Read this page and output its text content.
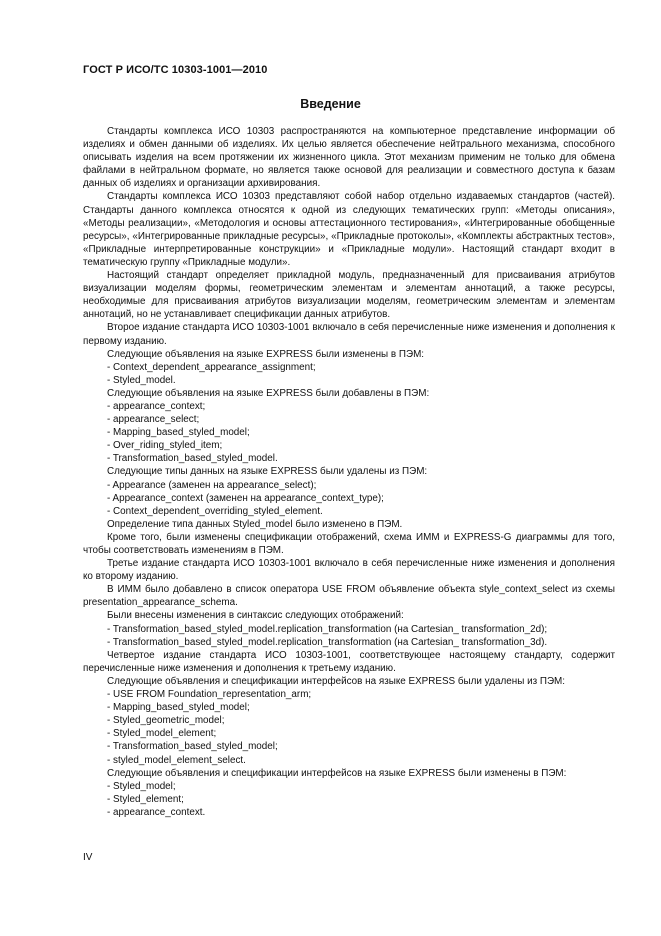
ГОСТ Р ИСО/ТС 10303-1001—2010
Введение

Стандарты комплекса ИСО 10303 распространяются на компьютерное представление информации об изделиях и обмен данными об изделиях. Их целью является обеспечение нейтрального механизма, способного описывать изделия на всем протяжении их жизненного цикла. Этот механизм применим не только для обмена файлами в нейтральном формате, но является также основой для реализации и совместного доступа к базам данных об изделиях и организации архивирования.

Стандарты комплекса ИСО 10303 представляют собой набор отдельно издаваемых стандартов (частей). Стандарты данного комплекса относятся к одной из следующих тематических групп: «Методы описания», «Методы реализации», «Методология и основы аттестационного тестирования», «Интегрированные обобщенные ресурсы», «Интегрированные прикладные ресурсы», «Прикладные протоколы», «Комплекты абстрактных тестов», «Прикладные интерпретированные конструкции» и «Прикладные модули». Настоящий стандарт входит в тематическую группу «Прикладные модули».

Настоящий стандарт определяет прикладной модуль, предназначенный для присваивания атрибутов визуализации моделям формы, геометрическим элементам и элементам аннотаций, а также ресурсы, необходимые для присваивания атрибутов визуализации моделям, геометрическим элементам и элементам аннотаций, но не устанавливает спецификации данных атрибутов.

Второе издание стандарта ИСО 10303-1001 включало в себя перечисленные ниже изменения и дополнения к первому изданию.

Следующие объявления на языке EXPRESS были изменены в ПЭМ:

- Context_dependent_appearance_assignment;

- Styled_model.

Следующие объявления на языке EXPRESS были добавлены в ПЭМ:

- appearance_context;

- appearance_select;

- Mapping_based_styled_model;

- Over_riding_styled_item;

- Transformation_based_styled_model.

Следующие типы данных на языке EXPRESS были удалены из ПЭМ:

- Appearance (заменен на appearance_select);

- Appearance_context (заменен на appearance_context_type);

- Context_dependent_overriding_styled_element.

Определение типа данных Styled_model было изменено в ПЭМ.

Кроме того, были изменены спецификации отображений, схема ИММ и EXPRESS-G диаграммы для того, чтобы соответствовать изменениям в ПЭМ.

Третье издание стандарта ИСО 10303-1001 включало в себя перечисленные ниже изменения и дополнения ко второму изданию.

В ИММ было добавлено в список оператора USE FROM объявление объекта style_context_select из схемы presentation_appearance_schema.

Были внесены изменения в синтаксис следующих отображений:

- Transformation_based_styled_model.replication_transformation (на Cartesian_ transformation_2d);

- Transformation_based_styled_model.replication_transformation (на Cartesian_ transformation_3d).

Четвертое издание стандарта ИСО 10303-1001, соответствующее настоящему стандарту, содержит перечисленные ниже изменения и дополнения к третьему изданию.

Следующие объявления и спецификации интерфейсов на языке EXPRESS были удалены из ПЭМ:

- USE FROM Foundation_representation_arm;

- Mapping_based_styled_model;

- Styled_geometric_model;

- Styled_model_element;

- Transformation_based_styled_model;

- styled_model_element_select.

Следующие объявления и спецификации интерфейсов на языке EXPRESS были изменены в ПЭМ:

- Styled_model;

- Styled_element;

- appearance_context.

IV
